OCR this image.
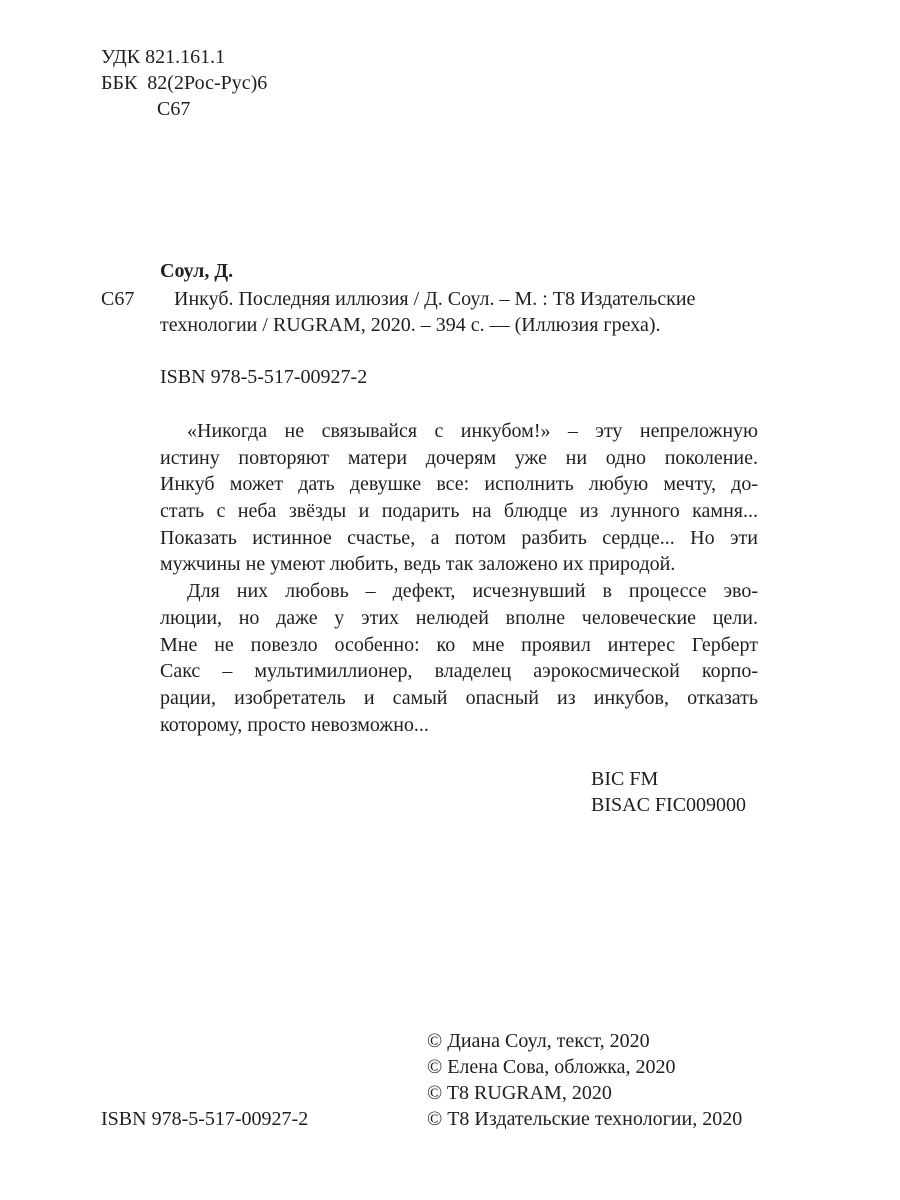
УДК 821.161.1
ББК  82(2Рос-Рус)6
С67
Соул, Д.
С67 Инкуб. Последняя иллюзия / Д. Соул. – М. : Т8 Издательские
технологии / RUGRAM, 2020. – 394 с. — (Иллюзия греха).
ISBN 978-5-517-00927-2
«Никогда не связывайся с инкубом!» – эту непреложную
истину повторяют матери дочерям уже ни одно поколение.
Инкуб может дать девушке все: исполнить любую мечту, до-
стать с неба звёзды и подарить на блюдце из лунного камня...
Показать истинное счастье, а потом разбить сердце... Но эти
мужчины не умеют любить, ведь так заложено их природой.
Для них любовь – дефект, исчезнувший в процессе эво-
люции, но даже у этих нелюдей вполне человеческие цели.
Мне не повезло особенно: ко мне проявил интерес Герберт
Сакс – мультимиллионер, владелец аэрокосмической корпо-
рации, изобретатель и самый опасный из инкубов, отказать
которому, просто невозможно...
BIC FM
BISAC FIC009000
© Диана Соул, текст, 2020
© Елена Сова, обложка, 2020
© T8 RUGRAM, 2020
© Т8 Издательские технологии, 2020
ISBN 978-5-517-00927-2
